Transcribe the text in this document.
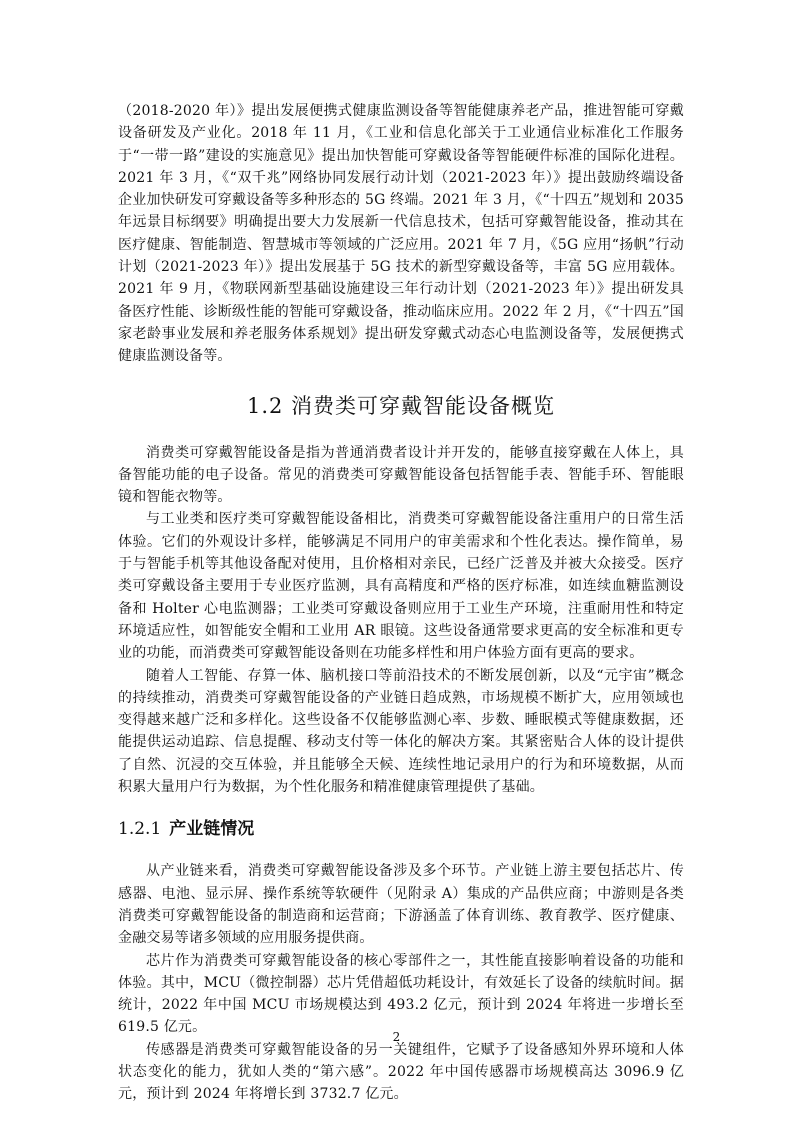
（2018-2020 年）》提出发展便携式健康监测设备等智能健康养老产品，推进智能可穿戴设备研发及产业化。2018 年 11 月，《工业和信息化部关于工业通信业标准化工作服务于“一带一路”建设的实施意见》提出加快智能可穿戴设备等智能硬件标准的国际化进程。2021 年 3 月，《“双千兆”网络协同发展行动计划（2021-2023 年）》提出鼓励终端设备企业加快研发可穿戴设备等多种形态的 5G 终端。2021 年 3 月，《“十四五”规划和 2035 年远景目标纲要》明确提出要大力发展新一代信息技术，包括可穿戴智能设备，推动其在医疗健康、智能制造、智慧城市等领域的广泛应用。2021 年 7 月，《5G 应用“扬帆”行动计划（2021-2023 年）》提出发展基于 5G 技术的新型穿戴设备等，丰富 5G 应用载体。2021 年 9 月，《物联网新型基础设施建设三年行动计划（2021-2023 年）》提出研发具备医疗性能、诊断级性能的智能可穿戴设备，推动临床应用。2022 年 2 月，《“十四五”国家老龄事业发展和养老服务体系规划》提出研发穿戴式动态心电监测设备等，发展便携式健康监测设备等。

1.2 消费类可穿戴智能设备概览

消费类可穿戴智能设备是指为普通消费者设计并开发的，能够直接穿戴在人体上，具备智能功能的电子设备。常见的消费类可穿戴智能设备包括智能手表、智能手环、智能眼镜和智能衣物等。

与工业类和医疗类可穿戴智能设备相比，消费类可穿戴智能设备注重用户的日常生活体验。它们的外观设计多样，能够满足不同用户的审美需求和个性化表达。操作简单，易于与智能手机等其他设备配对使用，且价格相对亲民，已经广泛普及并被大众接受。医疗类可穿戴设备主要用于专业医疗监测，具有高精度和严格的医疗标准，如连续血糖监测设备和 Holter 心电监测器；工业类可穿戴设备则应用于工业生产环境，注重耐用性和特定环境适应性，如智能安全帽和工业用 AR 眼镜。这些设备通常要求更高的安全标准和更专业的功能，而消费类可穿戴智能设备则在功能多样性和用户体验方面有更高的要求。

随着人工智能、存算一体、脑机接口等前沿技术的不断发展创新，以及“元宇宙”概念的持续推动，消费类可穿戴智能设备的产业链日趋成熟，市场规模不断扩大，应用领域也变得越来越广泛和多样化。这些设备不仅能够监测心率、步数、睡眠模式等健康数据，还能提供运动追踪、信息提醒、移动支付等一体化的解决方案。其紧密贴合人体的设计提供了自然、沉浸的交互体验，并且能够全天候、连续性地记录用户的行为和环境数据，从而积累大量用户行为数据，为个性化服务和精准健康管理提供了基础。

1.2.1 产业链情况

从产业链来看，消费类可穿戴智能设备涉及多个环节。产业链上游主要包括芯片、传感器、电池、显示屏、操作系统等软硬件（见附录 A）集成的产品供应商；中游则是各类消费类可穿戴智能设备的制造商和运营商；下游涵盖了体育训练、教育教学、医疗健康、金融交易等诸多领域的应用服务提供商。

芯片作为消费类可穿戴智能设备的核心零部件之一，其性能直接影响着设备的功能和体验。其中，MCU（微控制器）芯片凭借超低功耗设计，有效延长了设备的续航时间。据统计，2022 年中国 MCU 市场规模达到 493.2 亿元，预计到 2024 年将进一步增长至 619.5 亿元。

传感器是消费类可穿戴智能设备的另一关键组件，它赋予了设备感知外界环境和人体状态变化的能力，犹如人类的“第六感”。2022 年中国传感器市场规模高达 3096.9 亿元，预计到 2024 年将增长到 3732.7 亿元。

2
